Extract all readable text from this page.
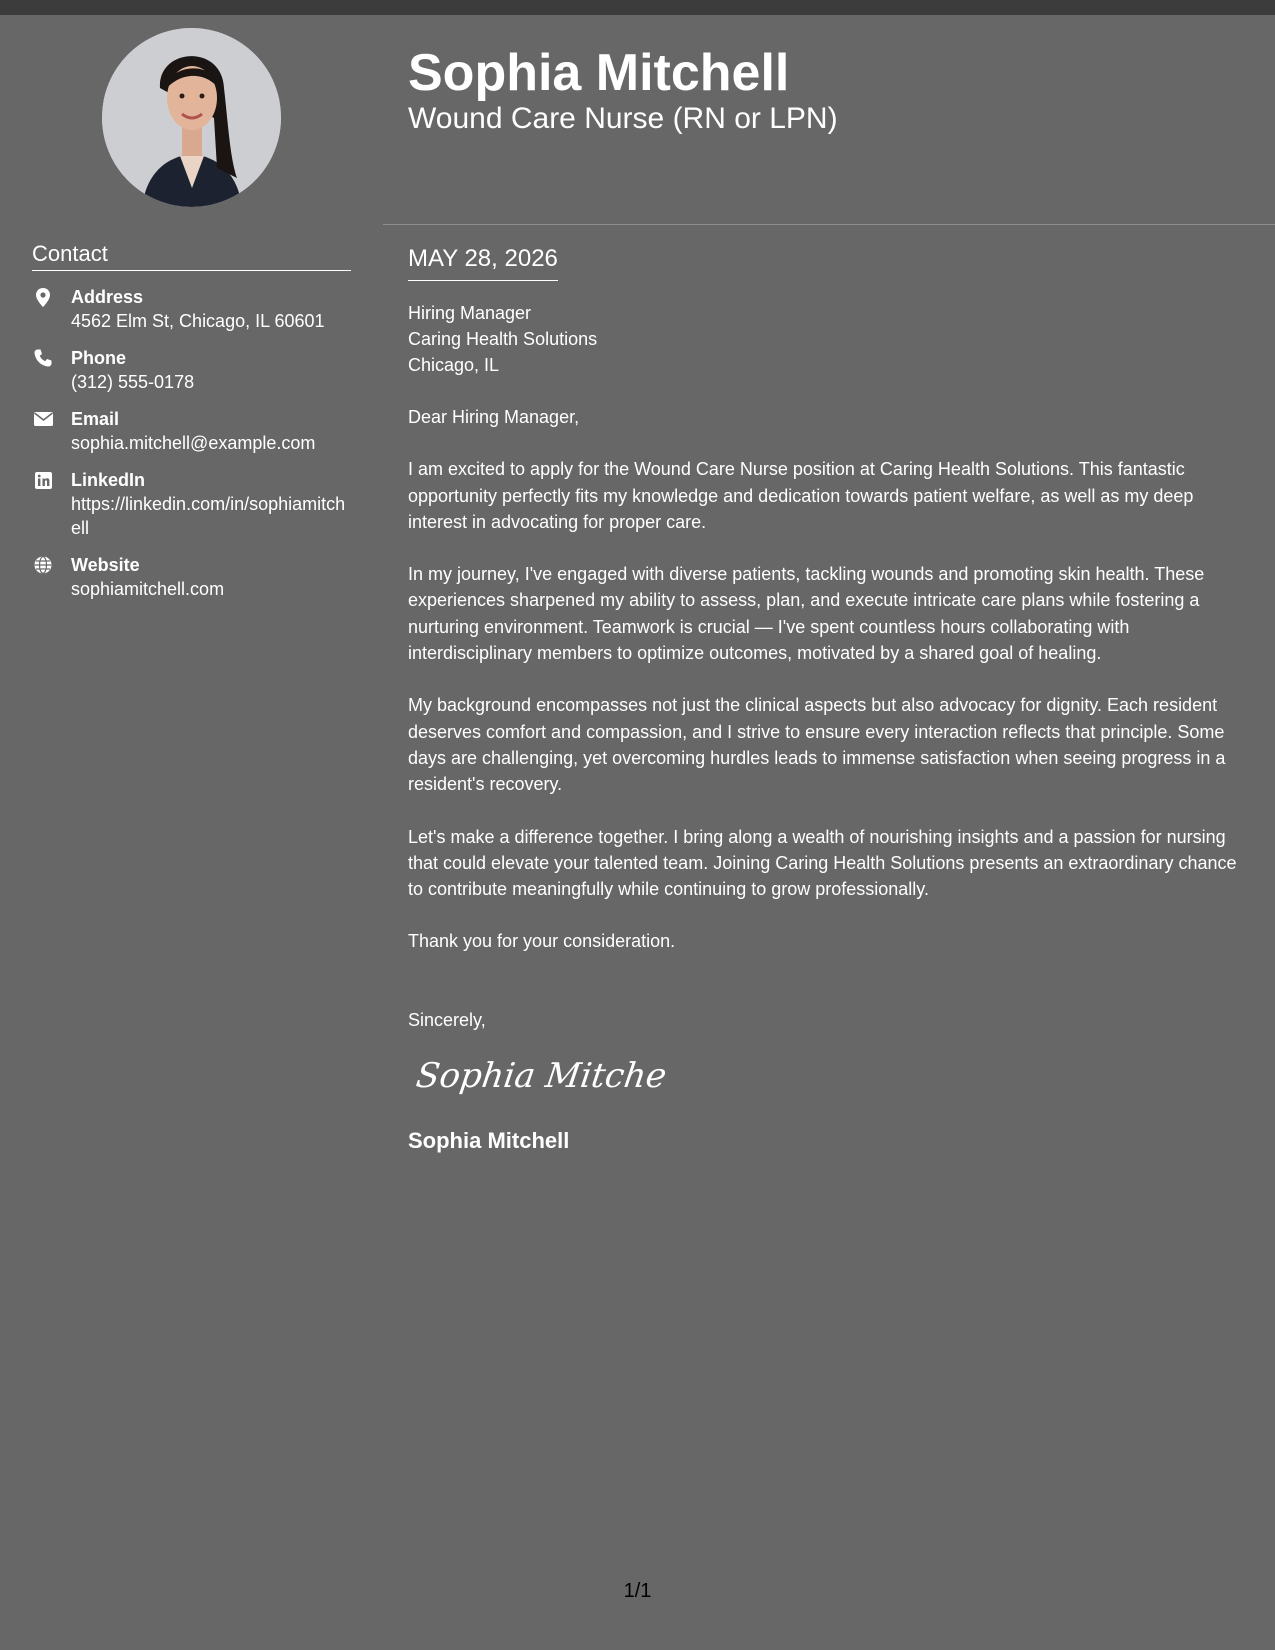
Contact
Address
4562 Elm St, Chicago, IL 60601
Phone
(312) 555-0178
Email
sophia.mitchell@example.com
LinkedIn
https://linkedin.com/in/sophiamitchell
Website
sophiamitchell.com
Sophia Mitchell
Wound Care Nurse (RN or LPN)
MAY 28, 2026
Hiring Manager
Caring Health Solutions
Chicago, IL

Dear Hiring Manager,

I am excited to apply for the Wound Care Nurse position at Caring Health Solutions. This fantastic opportunity perfectly fits my knowledge and dedication towards patient welfare, as well as my deep interest in advocating for proper care.

In my journey, I've engaged with diverse patients, tackling wounds and promoting skin health. These experiences sharpened my ability to assess, plan, and execute intricate care plans while fostering a nurturing environment. Teamwork is crucial — I've spent countless hours collaborating with interdisciplinary members to optimize outcomes, motivated by a shared goal of healing.

My background encompasses not just the clinical aspects but also advocacy for dignity. Each resident deserves comfort and compassion, and I strive to ensure every interaction reflects that principle. Some days are challenging, yet overcoming hurdles leads to immense satisfaction when seeing progress in a resident's recovery.

Let's make a difference together. I bring along a wealth of nourishing insights and a passion for nursing that could elevate your talented team. Joining Caring Health Solutions presents an extraordinary chance to contribute meaningfully while continuing to grow professionally.

Thank you for your consideration.

Sincerely,

Sophia Mitchell
Sophia Mitchell
1/1
